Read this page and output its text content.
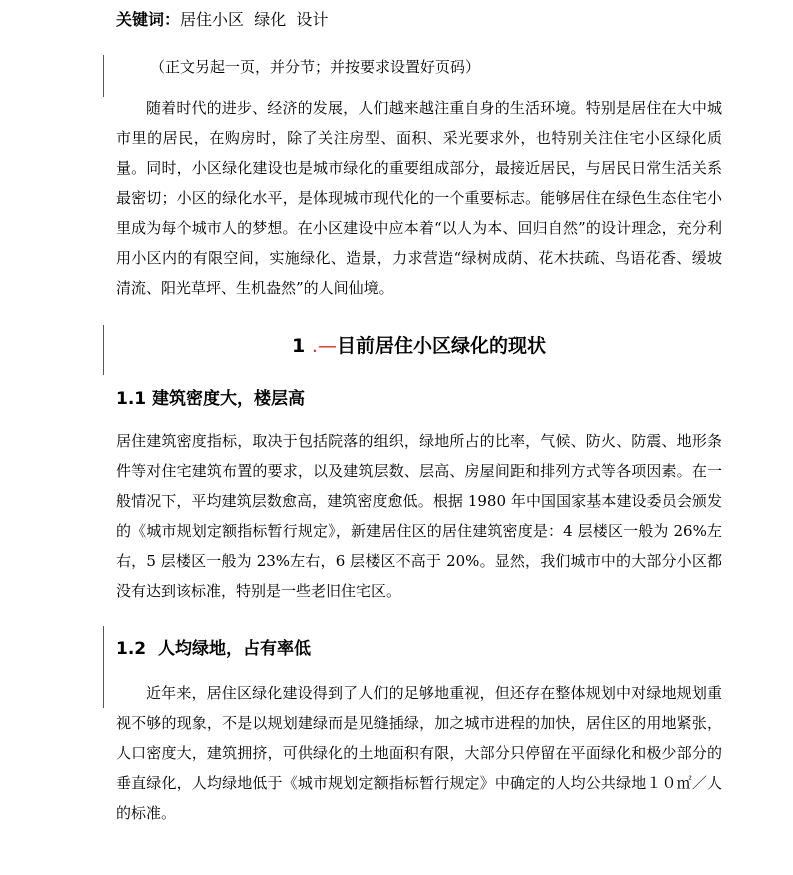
关键词：居住小区  绿化  设计
（正文另起一页，并分节；并按要求设置好页码）

随着时代的进步、经济的发展，人们越来越注重自身的生活环境。特别是居住在大中城市里的居民，在购房时，除了关注房型、面积、采光要求外，也特别关注住宅小区绿化质量。同时，小区绿化建设也是城市绿化的重要组成部分，最接近居民，与居民日常生活关系最密切；小区的绿化水平，是体现城市现代化的一个重要标志。能够居住在绿色生态住宅小里成为每个城市人的梦想。在小区建设中应本着“以人为本、回归自然”的设计理念，充分利用小区内的有限空间，实施绿化、造景，力求营造“绿树成荫、花木扶疏、鸟语花香、缓坡清流、阳光草坪、生机盎然”的人间仙境。

1 .—目前居住小区绿化的现状
1.1 建筑密度大，楼层高

居住建筑密度指标，取决于包括院落的组织，绿地所占的比率，气候、防火、防震、地形条件等对住宅建筑布置的要求，以及建筑层数、层高、房屋间距和排列方式等各项因素。在一般情况下，平均建筑层数愈高，建筑密度愈低。根据 1980 年中国国家基本建设委员会颁发的《城市规划定额指标暂行规定》，新建居住区的居住建筑密度是：4 层楼区一般为 26%左右，5 层楼区一般为 23%左右，6 层楼区不高于 20%。显然，我们城市中的大部分小区都没有达到该标准，特别是一些老旧住宅区。

1.2  人均绿地，占有率低

近年来，居住区绿化建设得到了人们的足够地重视，但还存在整体规划中对绿地规划重视不够的现象，不是以规划建绿而是见缝插绿，加之城市进程的加快，居住区的用地紧张，人口密度大，建筑拥挤，可供绿化的土地面积有限，大部分只停留在平面绿化和极少部分的垂直绿化，人均绿地低于《城市规划定额指标暂行规定》中确定的人均公共绿地１０㎡／人的标准。
